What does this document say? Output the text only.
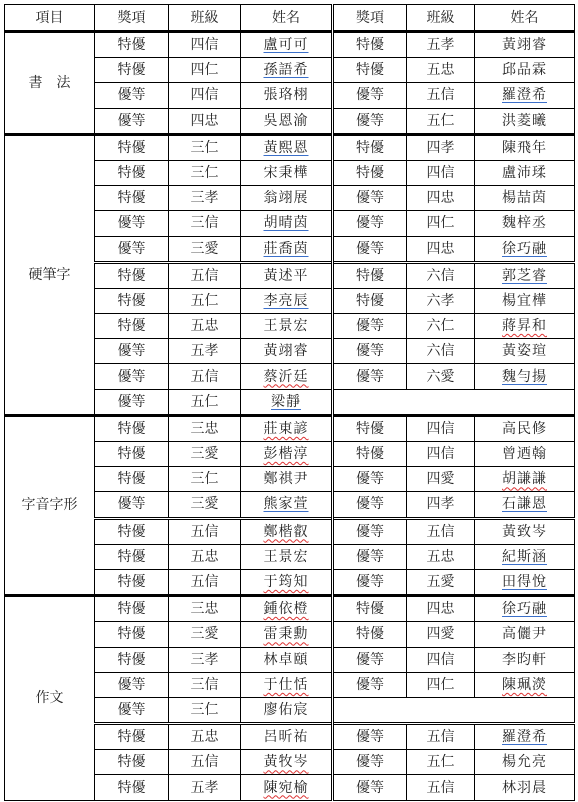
項目	獎項	班級	姓名	獎項	班級	姓名
書　法	特優	四信	盧可可	特優	五孝	黃翊睿
	特優	四仁	孫語希	特優	五忠	邱品霖
	優等	四信	張珞栩	優等	五信	羅澄希
	優等	四忠	吳恩渝	優等	五仁	洪菱曦
硬筆字	特優	三仁	黃熙恩	特優	四孝	陳飛年
	特優	三仁	宋秉樺	特優	四信	盧沛瑈
	特優	三孝	翁翊展	優等	四忠	楊喆茵
	優等	三信	胡晴茵	優等	四仁	魏梓丞
	優等	三愛	莊喬茵	優等	四忠	徐巧融
	特優	五信	黃述平	特優	六信	郭芝睿
	特優	五仁	李亮辰	特優	六孝	楊宜樺
	特優	五忠	王景宏	優等	六仁	蔣昇和
	優等	五孝	黃翊睿	優等	六信	黃姿瑄
	優等	五信	蔡沂廷	優等	六愛	魏勻揚
	優等	五仁	梁靜			
字音字形	特優	三忠	莊東諺	特優	四信	高民修
	特優	三愛	彭楷淳	特優	四信	曾迺翰
	特優	三仁	鄭祺尹	優等	四愛	胡謙謙
	優等	三愛	熊家萱	優等	四孝	石謙恩
	特優	五信	鄭楷叡	優等	五信	黃致岑
	特優	五忠	王景宏	優等	五忠	紀斯涵
	特優	五信	于筠知	優等	五愛	田得悅
作文	特優	三忠	鍾依橙	特優	四忠	徐巧融
	特優	三愛	雷秉勳	特優	四愛	高儷尹
	特優	三孝	林卓頤	優等	四信	李昀軒
	優等	三信	于仕恬	優等	四仁	陳珮濙
	優等	三仁	廖佑宸			
	特優	五忠	呂昕祐	優等	五信	羅澄希
	特優	五信	黃牧岑	優等	五仁	楊允亮
	特優	五孝	陳宛榆	優等	五信	林羽晨
